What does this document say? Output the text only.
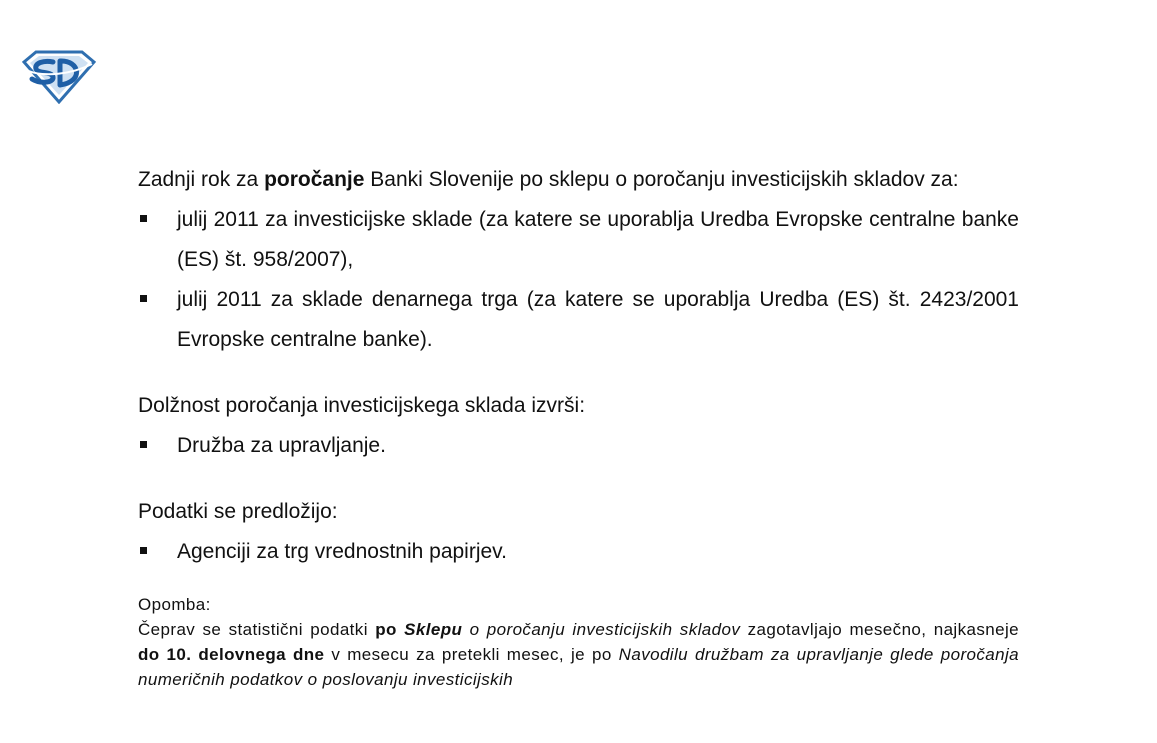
Zadnji rok za poročanje Banki Slovenije po sklepu o poročanju investicijskih skladov za:

julij 2011 za investicijske sklade (za katere se uporablja Uredba Evropske centralne banke (ES) št. 958/2007),
julij 2011 za sklade denarnega trga (za katere se uporablja Uredba (ES) št. 2423/2001 Evropske centralne banke).

Dolžnost poročanja investicijskega sklada izvrši:

Družba za upravljanje.

Podatki se predložijo:

Agenciji za trg vrednostnih papirjev.

Opomba:

Čeprav se statistični podatki po Sklepu o poročanju investicijskih skladov zagotavljajo mesečno, najkasneje do 10. delovnega dne v mesecu za pretekli mesec, je po Navodilu družbam za upravljanje glede poročanja numeričnih podatkov o poslovanju investicijskih
